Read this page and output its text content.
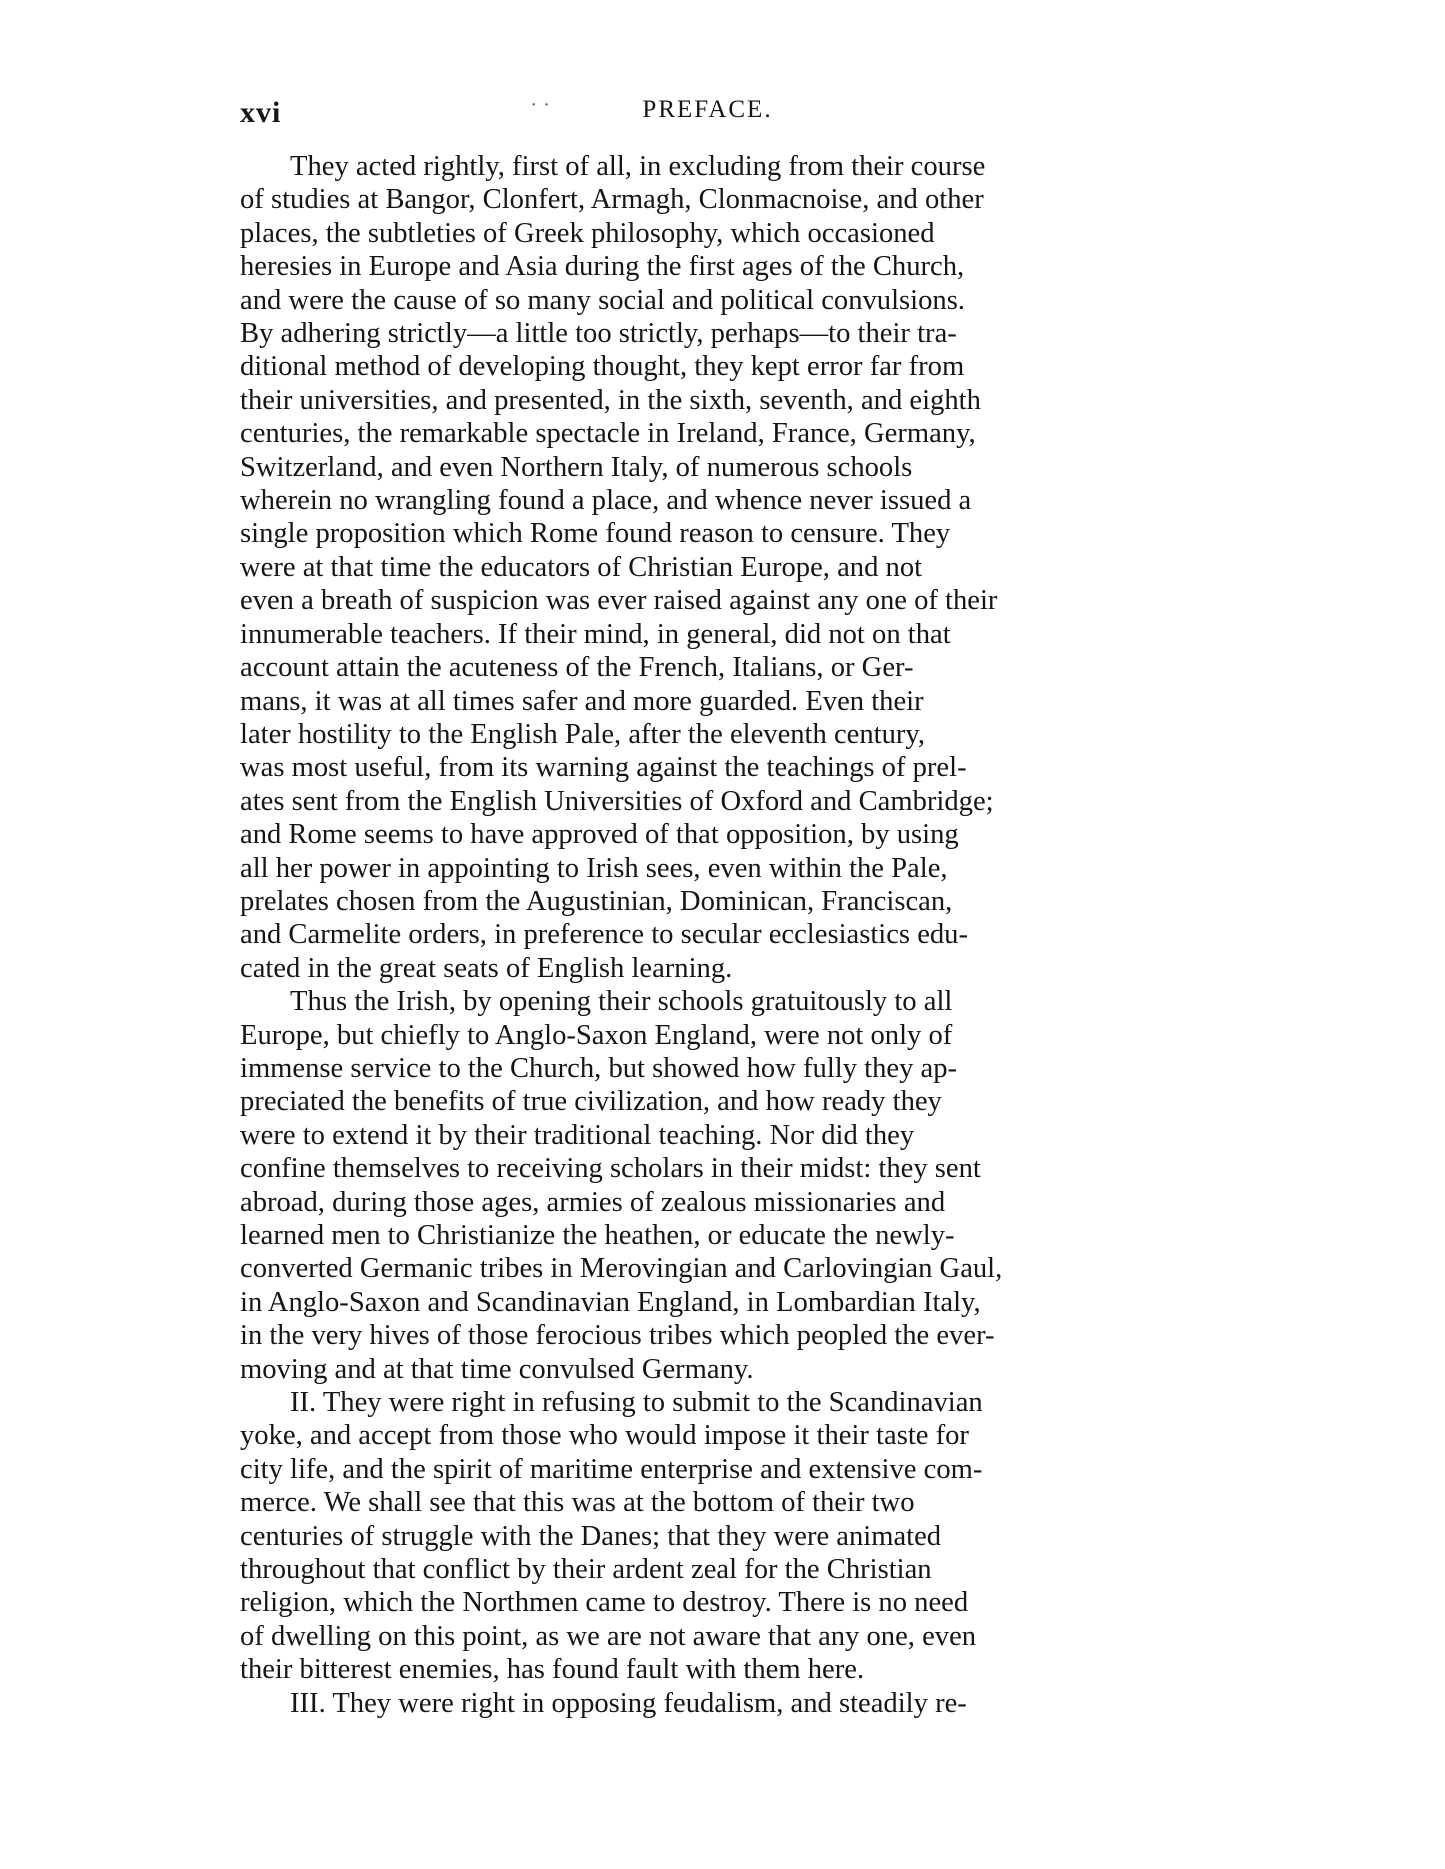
xvi	˙ ˙	PREFACE.

They acted rightly, first of all, in excluding from their course
of studies at Bangor, Clonfert, Armagh, Clonmacnoise, and other
places, the subtleties of Greek philosophy, which occasioned
heresies in Europe and Asia during the first ages of the Church,
and were the cause of so many social and political convulsions.
By adhering strictly—a little too strictly, perhaps—to their tra-
ditional method of developing thought, they kept error far from
their universities, and presented, in the sixth, seventh, and eighth
centuries, the remarkable spectacle in Ireland, France, Germany,
Switzerland, and even Northern Italy, of numerous schools
wherein no wrangling found a place, and whence never issued a
single proposition which Rome found reason to censure. They
were at that time the educators of Christian Europe, and not
even a breath of suspicion was ever raised against any one of their
innumerable teachers. If their mind, in general, did not on that
account attain the acuteness of the French, Italians, or Ger-
mans, it was at all times safer and more guarded. Even their
later hostility to the English Pale, after the eleventh century,
was most useful, from its warning against the teachings of prel-
ates sent from the English Universities of Oxford and Cambridge;
and Rome seems to have approved of that opposition, by using
all her power in appointing to Irish sees, even within the Pale,
prelates chosen from the Augustinian, Dominican, Franciscan,
and Carmelite orders, in preference to secular ecclesiastics edu-
cated in the great seats of English learning.

Thus the Irish, by opening their schools gratuitously to all
Europe, but chiefly to Anglo-Saxon England, were not only of
immense service to the Church, but showed how fully they ap-
preciated the benefits of true civilization, and how ready they
were to extend it by their traditional teaching. Nor did they
confine themselves to receiving scholars in their midst: they sent
abroad, during those ages, armies of zealous missionaries and
learned men to Christianize the heathen, or educate the newly-
converted Germanic tribes in Merovingian and Carlovingian Gaul,
in Anglo-Saxon and Scandinavian England, in Lombardian Italy,
in the very hives of those ferocious tribes which peopled the ever-
moving and at that time convulsed Germany.

II. They were right in refusing to submit to the Scandinavian
yoke, and accept from those who would impose it their taste for
city life, and the spirit of maritime enterprise and extensive com-
merce. We shall see that this was at the bottom of their two
centuries of struggle with the Danes; that they were animated
throughout that conflict by their ardent zeal for the Christian
religion, which the Northmen came to destroy. There is no need
of dwelling on this point, as we are not aware that any one, even
their bitterest enemies, has found fault with them here.

III. They were right in opposing feudalism, and steadily re-
